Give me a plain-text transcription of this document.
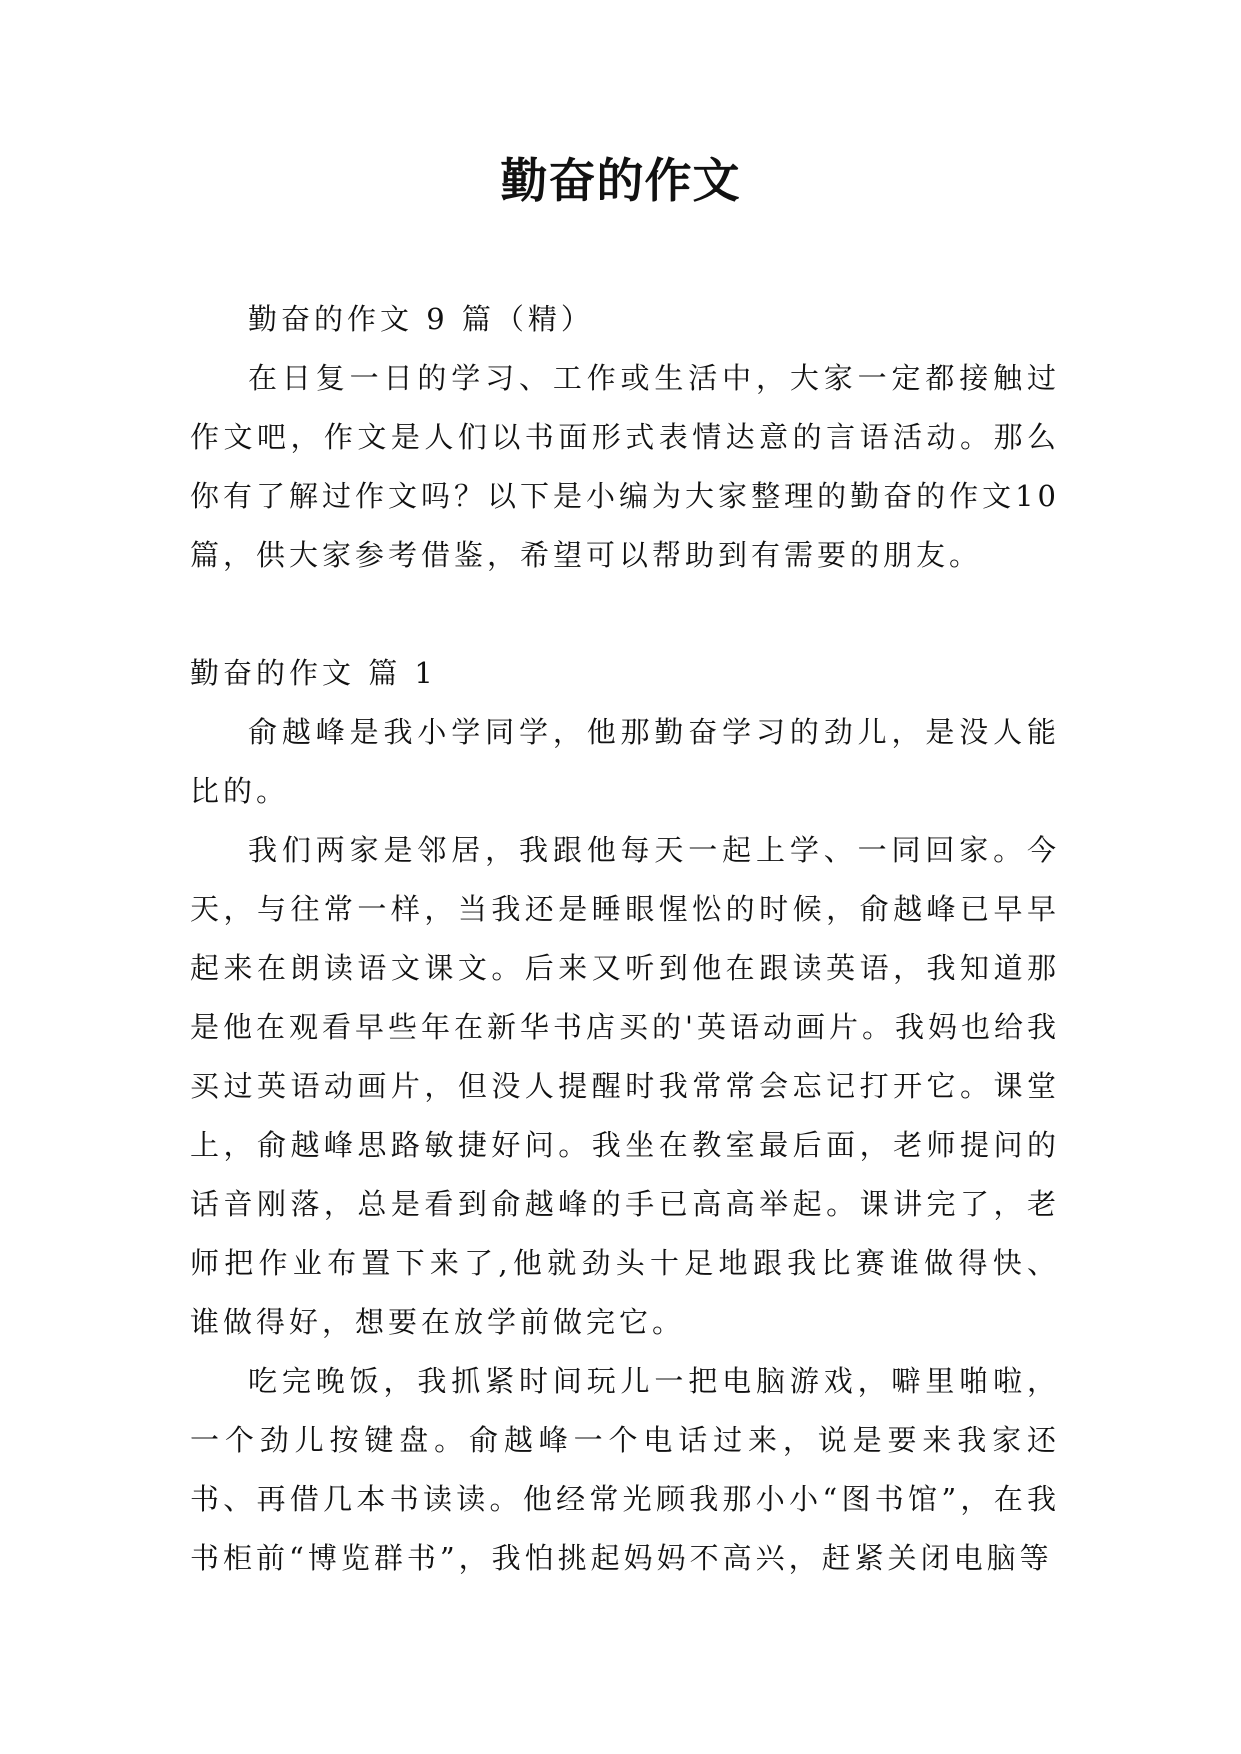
勤奋的作文

勤奋的作文 9 篇（精）

在日复一日的学习、工作或生活中，大家一定都接触过作文吧，作文是人们以书面形式表情达意的言语活动。那么你有了解过作文吗？以下是小编为大家整理的勤奋的作文10 篇，供大家参考借鉴，希望可以帮助到有需要的朋友。

勤奋的作文 篇 1

俞越峰是我小学同学，他那勤奋学习的劲儿，是没人能比的。

我们两家是邻居，我跟他每天一起上学、一同回家。今天，与往常一样，当我还是睡眼惺忪的时候，俞越峰已早早起来在朗读语文课文。后来又听到他在跟读英语，我知道那是他在观看早些年在新华书店买的'英语动画片。我妈也给我买过英语动画片，但没人提醒时我常常会忘记打开它。课堂上，俞越峰思路敏捷好问。我坐在教室最后面，老师提问的话音刚落，总是看到俞越峰的手已高高举起。课讲完了，老师把作业布置下来了,他就劲头十足地跟我比赛谁做得快、谁做得好，想要在放学前做完它。

吃完晚饭，我抓紧时间玩儿一把电脑游戏，噼里啪啦，一个劲儿按键盘。俞越峰一个电话过来，说是要来我家还书、再借几本书读读。他经常光顾我那小小“图书馆”，在我书柜前“博览群书”，我怕挑起妈妈不高兴，赶紧关闭电脑等
